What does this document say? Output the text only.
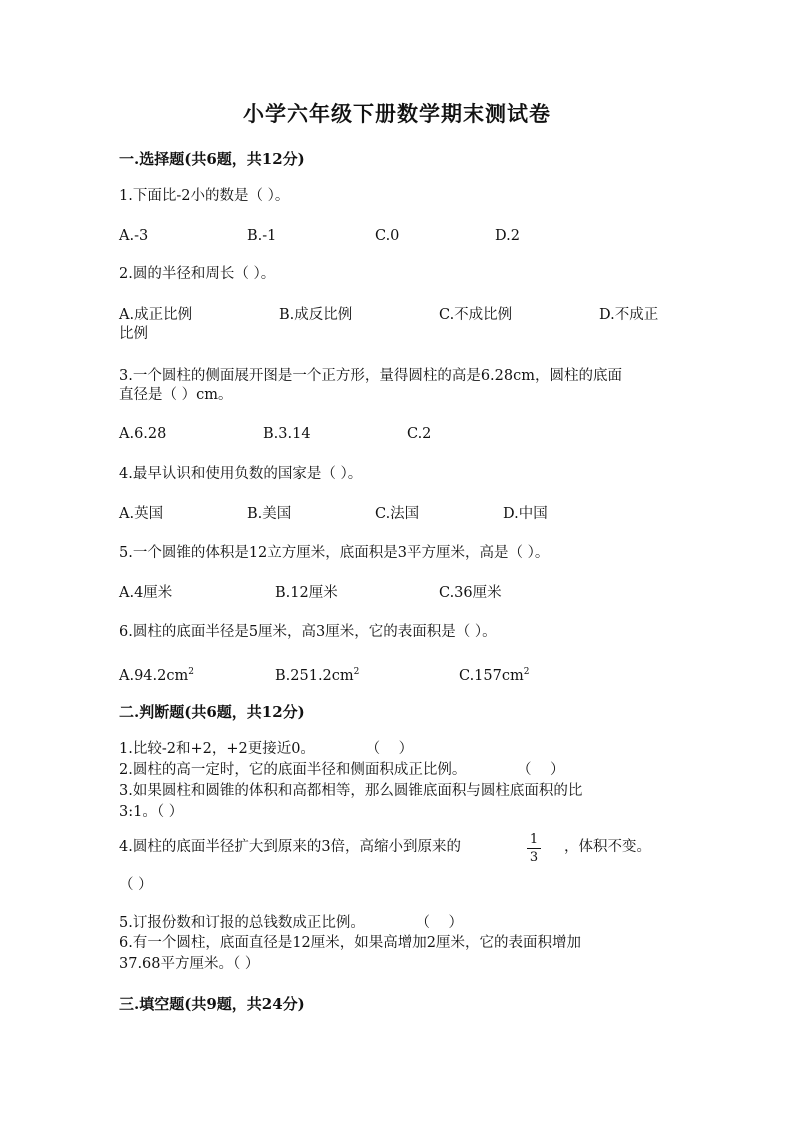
小学六年级下册数学期末测试卷
一.选择题(共6题，共12分)
1.下面比-2小的数是（ ）。
A.-3	B.-1	C.0	D.2
2.圆的半径和周长（ ）。
A.成正比例	B.成反比例	C.不成比例	D.不成正
比例
3.一个圆柱的侧面展开图是一个正方形，量得圆柱的高是6.28cm，圆柱的底面
直径是（ ）cm。
A.6.28	B.3.14	C.2
4.最早认识和使用负数的国家是（ ）。
A.英国	B.美国	C.法国	D.中国
5.一个圆锥的体积是12立方厘米，底面积是3平方厘米，高是（ ）。
A.4厘米	B.12厘米	C.36厘米
6.圆柱的底面半径是5厘米，高3厘米，它的表面积是（ ）。
$A.94.2cm^2$	$B.251.2cm^2$	$C.157cm^2$
二.判断题(共6题，共12分)
1.比较-2和+2，+2更接近0。           （    ）
2.圆柱的高一定时，它的底面半径和侧面积成正比例。           （    ）
3.如果圆柱和圆锥的体积和高都相等，那么圆锥底面积与圆柱底面积的比
3:1。（ ）
4.圆柱的底面半径扩大到原来的3倍，高缩小到原来的	1
3
，体积不变。
（ ）
5.订报份数和订报的总钱数成正比例。           （    ）
6.有一个圆柱，底面直径是12厘米，如果高增加2厘米，它的表面积增加
37.68平方厘米。（ ）
三.填空题(共9题，共24分)
